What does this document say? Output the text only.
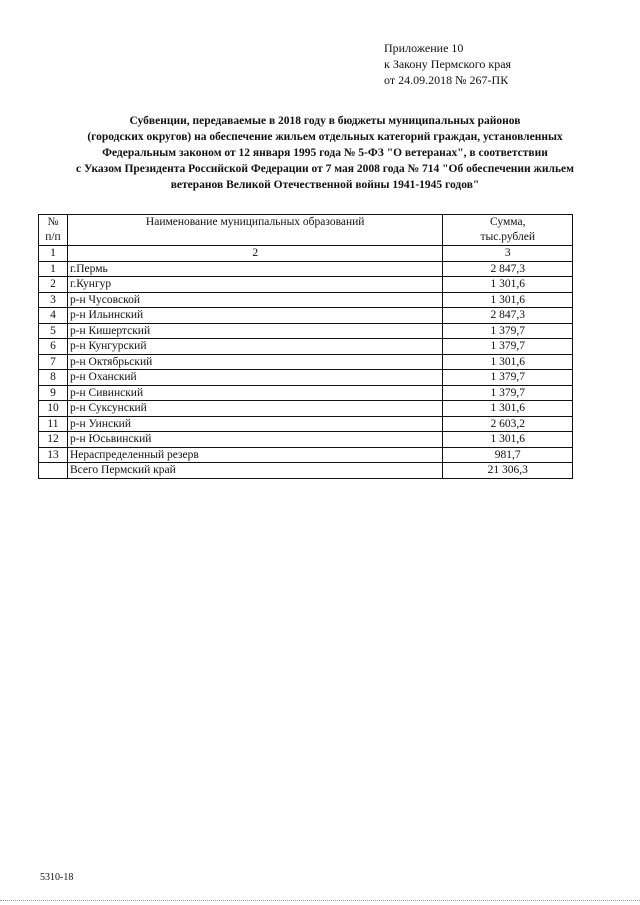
Приложение 10
к Закону Пермского края
от 24.09.2018 № 267-ПК
Субвенции, передаваемые в 2018 году в бюджеты муниципальных районов
(городских округов) на обеспечение жильем отдельных категорий граждан, установленных
Федеральным законом от 12 января 1995 года № 5-ФЗ "О ветеранах", в соответствии
с Указом Президента Российской Федерации от 7 мая 2008 года № 714 "Об обеспечении жильем
ветеранов Великой Отечественной войны 1941-1945 годов"
№ п/п	Наименование муниципальных образований	Сумма, тыс.рублей
1	2	3
1	г.Пермь	2 847,3
2	г.Кунгур	1 301,6
3	р-н Чусовской	1 301,6
4	р-н Ильинский	2 847,3
5	р-н Кишертский	1 379,7
6	р-н Кунгурский	1 379,7
7	р-н Октябрьский	1 301,6
8	р-н Оханский	1 379,7
9	р-н Сивинский	1 379,7
10	р-н Суксунский	1 301,6
11	р-н Уинский	2 603,2
12	р-н Юсьвинский	1 301,6
13	Нераспределенный резерв	981,7
	Всего Пермский край	21 306,3
5310-18
